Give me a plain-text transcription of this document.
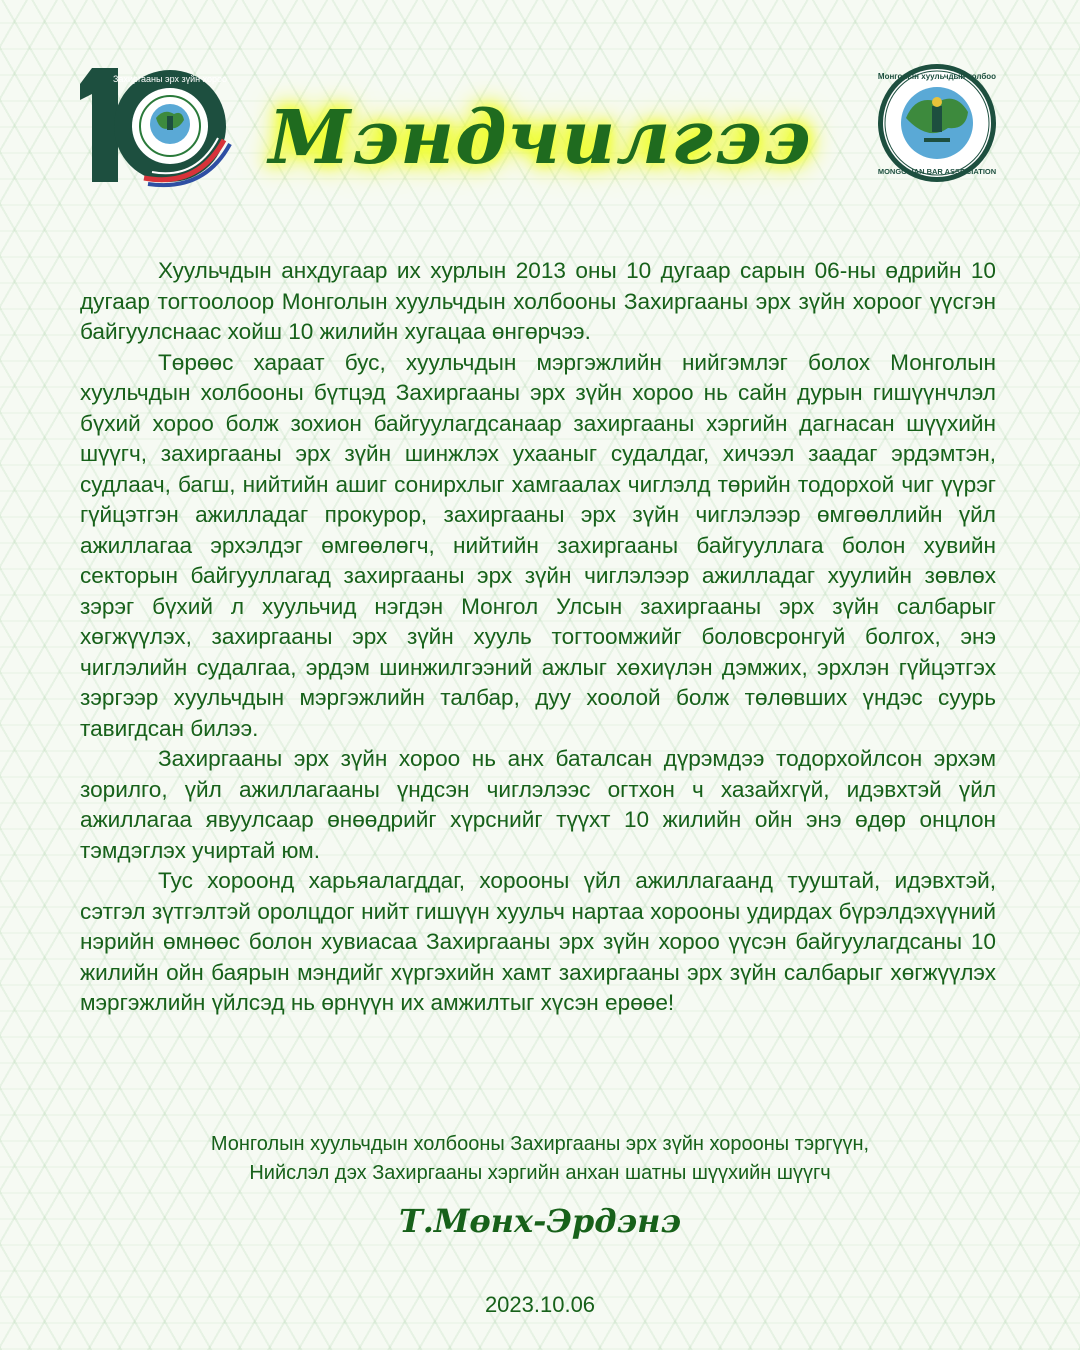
Захиргааны эрх зүйн хороо
Мэндчилгээ
Монголын хуульчдын холбоо
MONGOLIAN BAR ASSOCIATION

Хуульчдын анхдугаар их хурлын 2013 оны 10 дугаар сарын 06-ны өдрийн 10 дугаар тогтоолоор Монголын хуульчдын холбооны Захиргааны эрх зүйн хороог үүсгэн байгуулснаас хойш 10 жилийн хугацаа өнгөрчээ.

Төрөөс хараат бус, хуульчдын мэргэжлийн нийгэмлэг болох Монголын хуульчдын холбооны бүтцэд Захиргааны эрх зүйн хороо нь сайн дурын гишүүнчлэл бүхий хороо болж зохион байгуулагдсанаар захиргааны хэргийн дагнасан шүүхийн шүүгч, захиргааны эрх зүйн шинжлэх ухааныг судалдаг, хичээл заадаг эрдэмтэн, судлаач, багш, нийтийн ашиг сонирхлыг хамгаалах чиглэлд төрийн тодорхой чиг үүрэг гүйцэтгэн ажилладаг прокурор, захиргааны эрх зүйн чиглэлээр өмгөөллийн үйл ажиллагаа эрхэлдэг өмгөөлөгч, нийтийн захиргааны байгууллага болон хувийн секторын байгууллагад захиргааны эрх зүйн чиглэлээр ажилладаг хуулийн зөвлөх зэрэг бүхий л хуульчид нэгдэн Монгол Улсын захиргааны эрх зүйн салбарыг хөгжүүлэх, захиргааны эрх зүйн хууль тогтоомжийг боловсронгуй болгох, энэ чиглэлийн судалгаа, эрдэм шинжилгээний ажлыг хөхиүлэн дэмжих, эрхлэн гүйцэтгэх зэргээр хуульчдын мэргэжлийн талбар, дуу хоолой болж төлөвших үндэс суурь тавигдсан билээ.

Захиргааны эрх зүйн хороо нь анх баталсан дүрэмдээ тодорхойлсон эрхэм зорилго, үйл ажиллагааны үндсэн чиглэлээс огтхон ч хазайхгүй, идэвхтэй үйл ажиллагаа явуулсаар өнөөдрийг хүрснийг түүхт 10 жилийн ойн энэ өдөр онцлон тэмдэглэх учиртай юм.

Тус хороонд харьяалагддаг, хорооны үйл ажиллагаанд тууштай, идэвхтэй, сэтгэл зүтгэлтэй оролцдог нийт гишүүн хуульч нартаа хорооны удирдах бүрэлдэхүүний нэрийн өмнөөс болон хувиасаа Захиргааны эрх зүйн хороо үүсэн байгуулагдсаны 10 жилийн ойн баярын мэндийг хүргэхийн хамт захиргааны эрх зүйн салбарыг хөгжүүлэх мэргэжлийн үйлсэд нь өрнүүн их амжилтыг хүсэн ерөөе!

Монголын хуульчдын холбооны Захиргааны эрх зүйн хорооны тэргүүн,
Нийслэл дэх Захиргааны хэргийн анхан шатны шүүхийн шүүгч
Т.Мөнх-Эрдэнэ
2023.10.06
